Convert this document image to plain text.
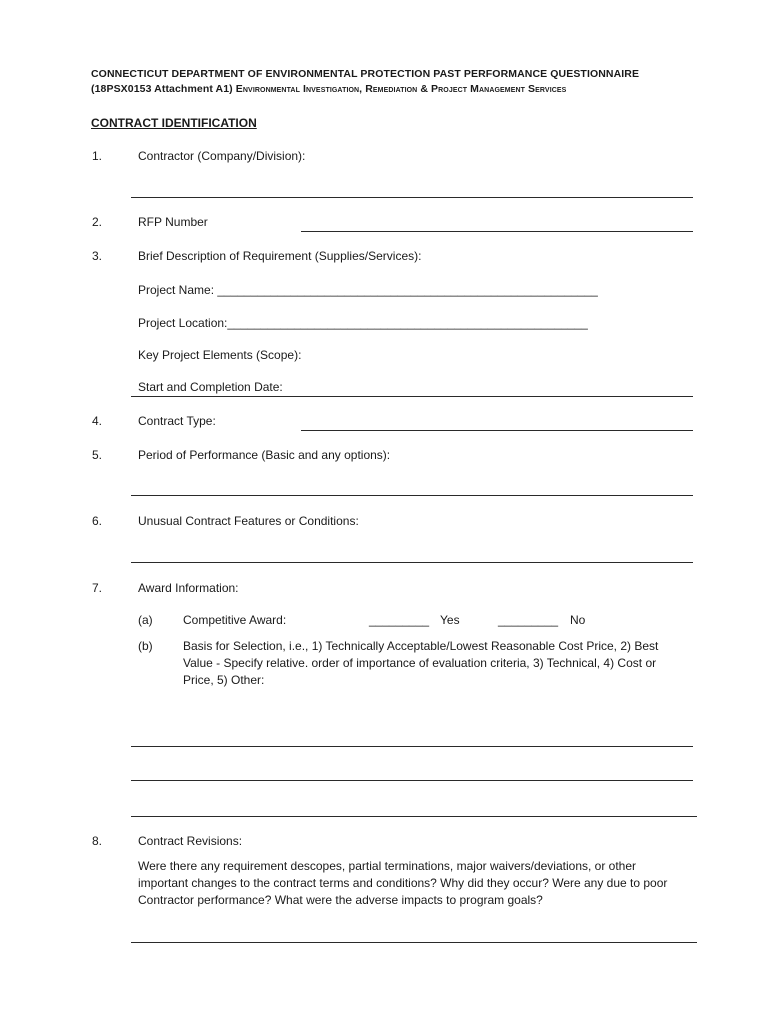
CONNECTICUT DEPARTMENT OF ENVIRONMENTAL PROTECTION PAST PERFORMANCE QUESTIONNAIRE
(18PSX0153 Attachment A1) Environmental Investigation, Remediation & Project Management Services
CONTRACT IDENTIFICATION
1.	Contractor (Company/Division):
2.	RFP Number
3.	Brief Description of Requirement (Supplies/Services):
Project Name: _________________________________________________________
Project Location:______________________________________________________
Key Project Elements (Scope):
Start and Completion Date:
4.	Contract Type:
5.	Period of Performance (Basic and any options):
6.	Unusual Contract Features or Conditions:
7.	Award Information:
(a)	Competitive Award:	_________ Yes	_________ No
(b)	Basis for Selection, i.e., 1) Technically Acceptable/Lowest Reasonable Cost Price, 2) Best Value - Specify relative. order of importance of evaluation criteria, 3) Technical, 4) Cost or Price, 5) Other:
8.	Contract Revisions:
Were there any requirement descopes, partial terminations, major waivers/deviations, or other important changes to the contract terms and conditions? Why did they occur? Were any due to poor Contractor performance? What were the adverse impacts to program goals?
